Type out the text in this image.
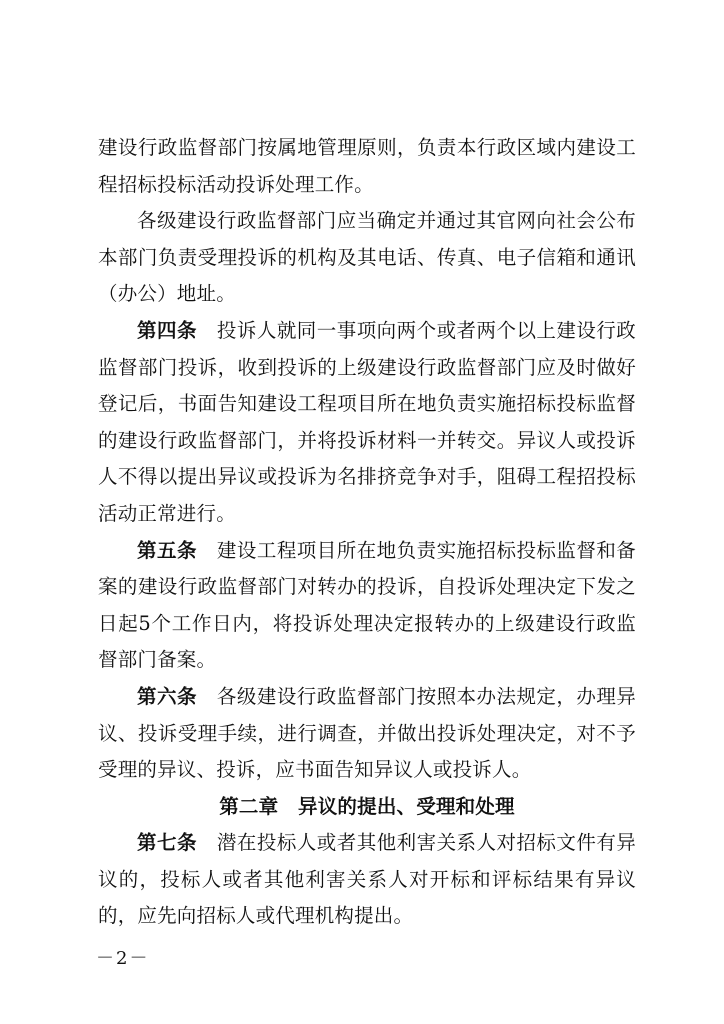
建设行政监督部门按属地管理原则，负责本行政区域内建设工程招标投标活动投诉处理工作。

各级建设行政监督部门应当确定并通过其官网向社会公布本部门负责受理投诉的机构及其电话、传真、电子信箱和通讯（办公）地址。

第四条　 投诉人就同一事项向两个或者两个以上建设行政监督部门投诉，收到投诉的上级建设行政监督部门应及时做好登记后，书面告知建设工程项目所在地负责实施招标投标监督的建设行政监督部门，并将投诉材料一并转交。异议人或投诉人不得以提出异议或投诉为名排挤竞争对手，阻碍工程招投标活动正常进行。

第五条　 建设工程项目所在地负责实施招标投标监督和备案的建设行政监督部门对转办的投诉，自投诉处理决定下发之日起5个工作日内，将投诉处理决定报转办的上级建设行政监督部门备案。

第六条　 各级建设行政监督部门按照本办法规定，办理异议、投诉受理手续，进行调查，并做出投诉处理决定，对不予受理的异议、投诉，应书面告知异议人或投诉人。

第二章　异议的提出、受理和处理

第七条　 潜在投标人或者其他利害关系人对招标文件有异议的，投标人或者其他利害关系人对开标和评标结果有异议的，应先向招标人或代理机构提出。

－2－
